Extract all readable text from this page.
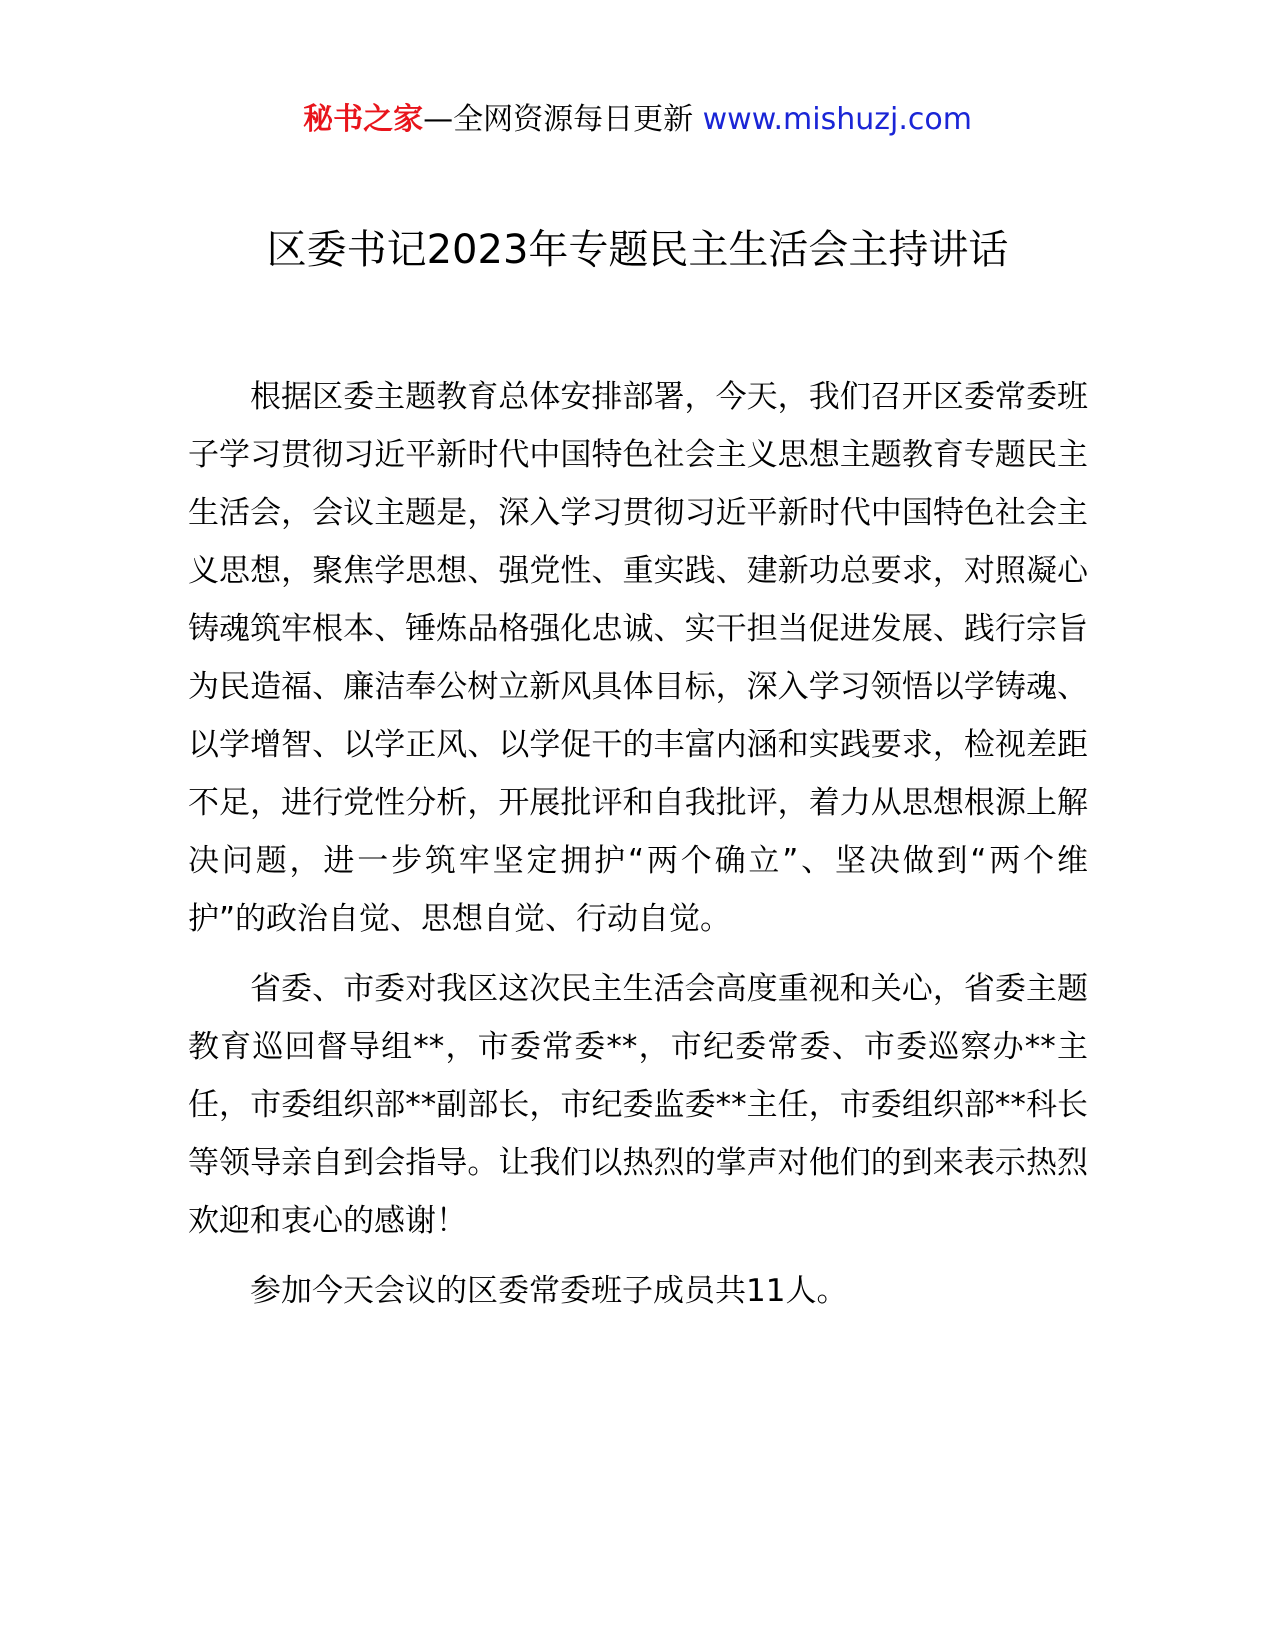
秘书之家—全网资源每日更新 www.mishuzj.com
区委书记2023年专题民主生活会主持讲话

根据区委主题教育总体安排部署，今天，我们召开区委常委班子学习贯彻习近平新时代中国特色社会主义思想主题教育专题民主生活会，会议主题是，深入学习贯彻习近平新时代中国特色社会主义思想，聚焦学思想、强党性、重实践、建新功总要求，对照凝心铸魂筑牢根本、锤炼品格强化忠诚、实干担当促进发展、践行宗旨为民造福、廉洁奉公树立新风具体目标，深入学习领悟以学铸魂、以学增智、以学正风、以学促干的丰富内涵和实践要求，检视差距不足，进行党性分析，开展批评和自我批评，着力从思想根源上解决问题，进一步筑牢坚定拥护“两个确立”、坚决做到“两个维护”的政治自觉、思想自觉、行动自觉。

省委、市委对我区这次民主生活会高度重视和关心，省委主题教育巡回督导组**，市委常委**，市纪委常委、市委巡察办**主任，市委组织部**副部长，市纪委监委**主任，市委组织部**科长等领导亲自到会指导。让我们以热烈的掌声对他们的到来表示热烈欢迎和衷心的感谢！

参加今天会议的区委常委班子成员共11人。
